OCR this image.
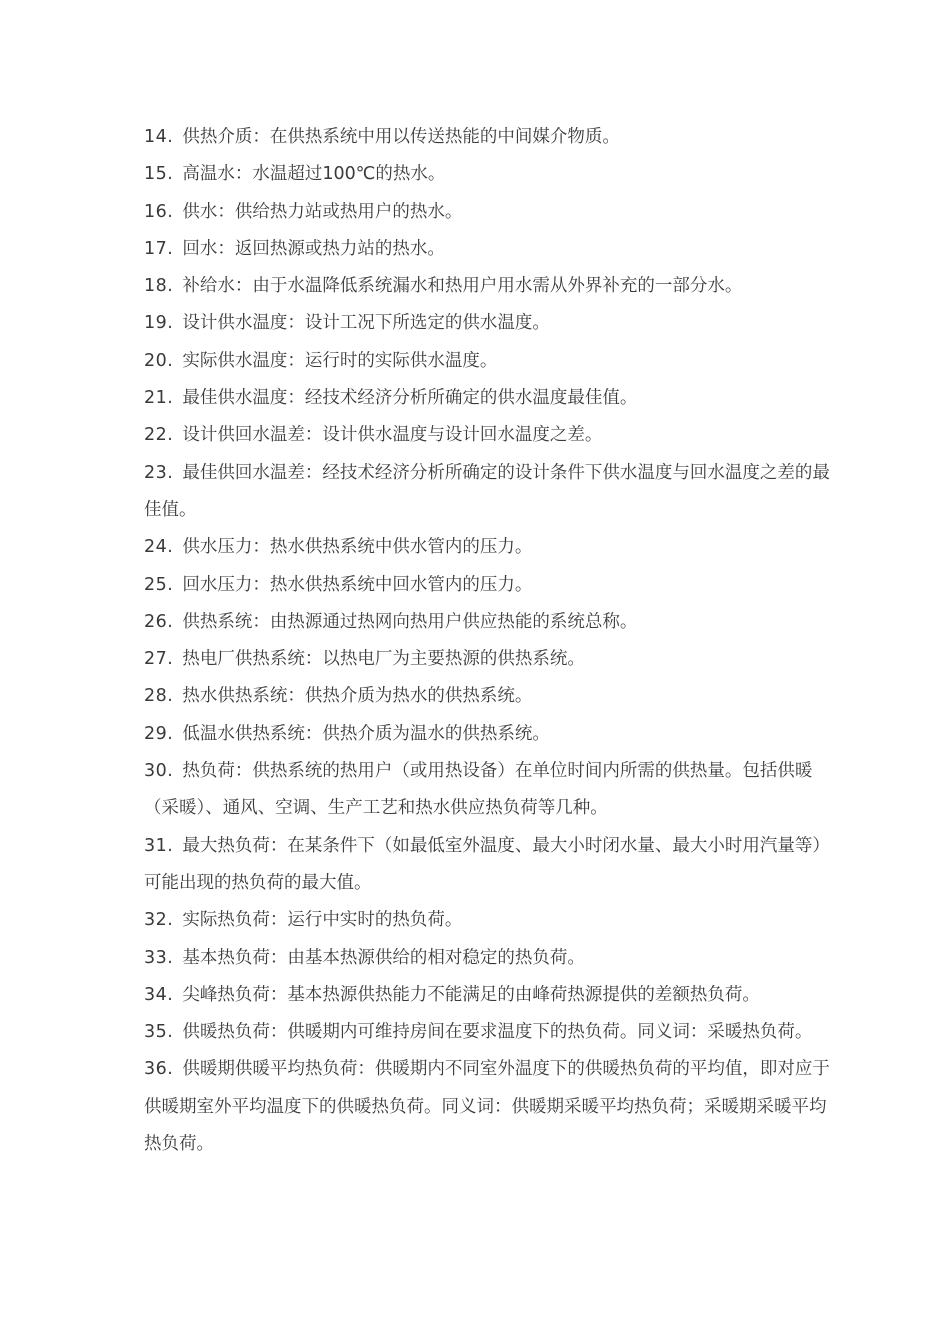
14. 供热介质：在供热系统中用以传送热能的中间媒介物质。

15. 高温水：水温超过100℃的热水。

16. 供水：供给热力站或热用户的热水。

17. 回水：返回热源或热力站的热水。

18. 补给水：由于水温降低系统漏水和热用户用水需从外界补充的一部分水。

19. 设计供水温度：设计工况下所选定的供水温度。

20. 实际供水温度：运行时的实际供水温度。

21. 最佳供水温度：经技术经济分析所确定的供水温度最佳值。

22. 设计供回水温差：设计供水温度与设计回水温度之差。

23. 最佳供回水温差：经技术经济分析所确定的设计条件下供水温度与回水温度之差的最佳值。

24. 供水压力：热水供热系统中供水管内的压力。

25. 回水压力：热水供热系统中回水管内的压力。

26. 供热系统：由热源通过热网向热用户供应热能的系统总称。

27. 热电厂供热系统：以热电厂为主要热源的供热系统。

28. 热水供热系统：供热介质为热水的供热系统。

29. 低温水供热系统：供热介质为温水的供热系统。

30. 热负荷：供热系统的热用户（或用热设备）在单位时间内所需的供热量。包括供暖（采暖）、通风、空调、生产工艺和热水供应热负荷等几种。

31. 最大热负荷：在某条件下（如最低室外温度、最大小时闭水量、最大小时用汽量等）可能出现的热负荷的最大值。

32. 实际热负荷：运行中实时的热负荷。

33. 基本热负荷：由基本热源供给的相对稳定的热负荷。

34. 尖峰热负荷：基本热源供热能力不能满足的由峰荷热源提供的差额热负荷。

35. 供暖热负荷：供暖期内可维持房间在要求温度下的热负荷。同义词：采暖热负荷。

36. 供暖期供暖平均热负荷：供暖期内不同室外温度下的供暖热负荷的平均值，即对应于供暖期室外平均温度下的供暖热负荷。同义词：供暖期采暖平均热负荷；采暖期采暖平均热负荷。
